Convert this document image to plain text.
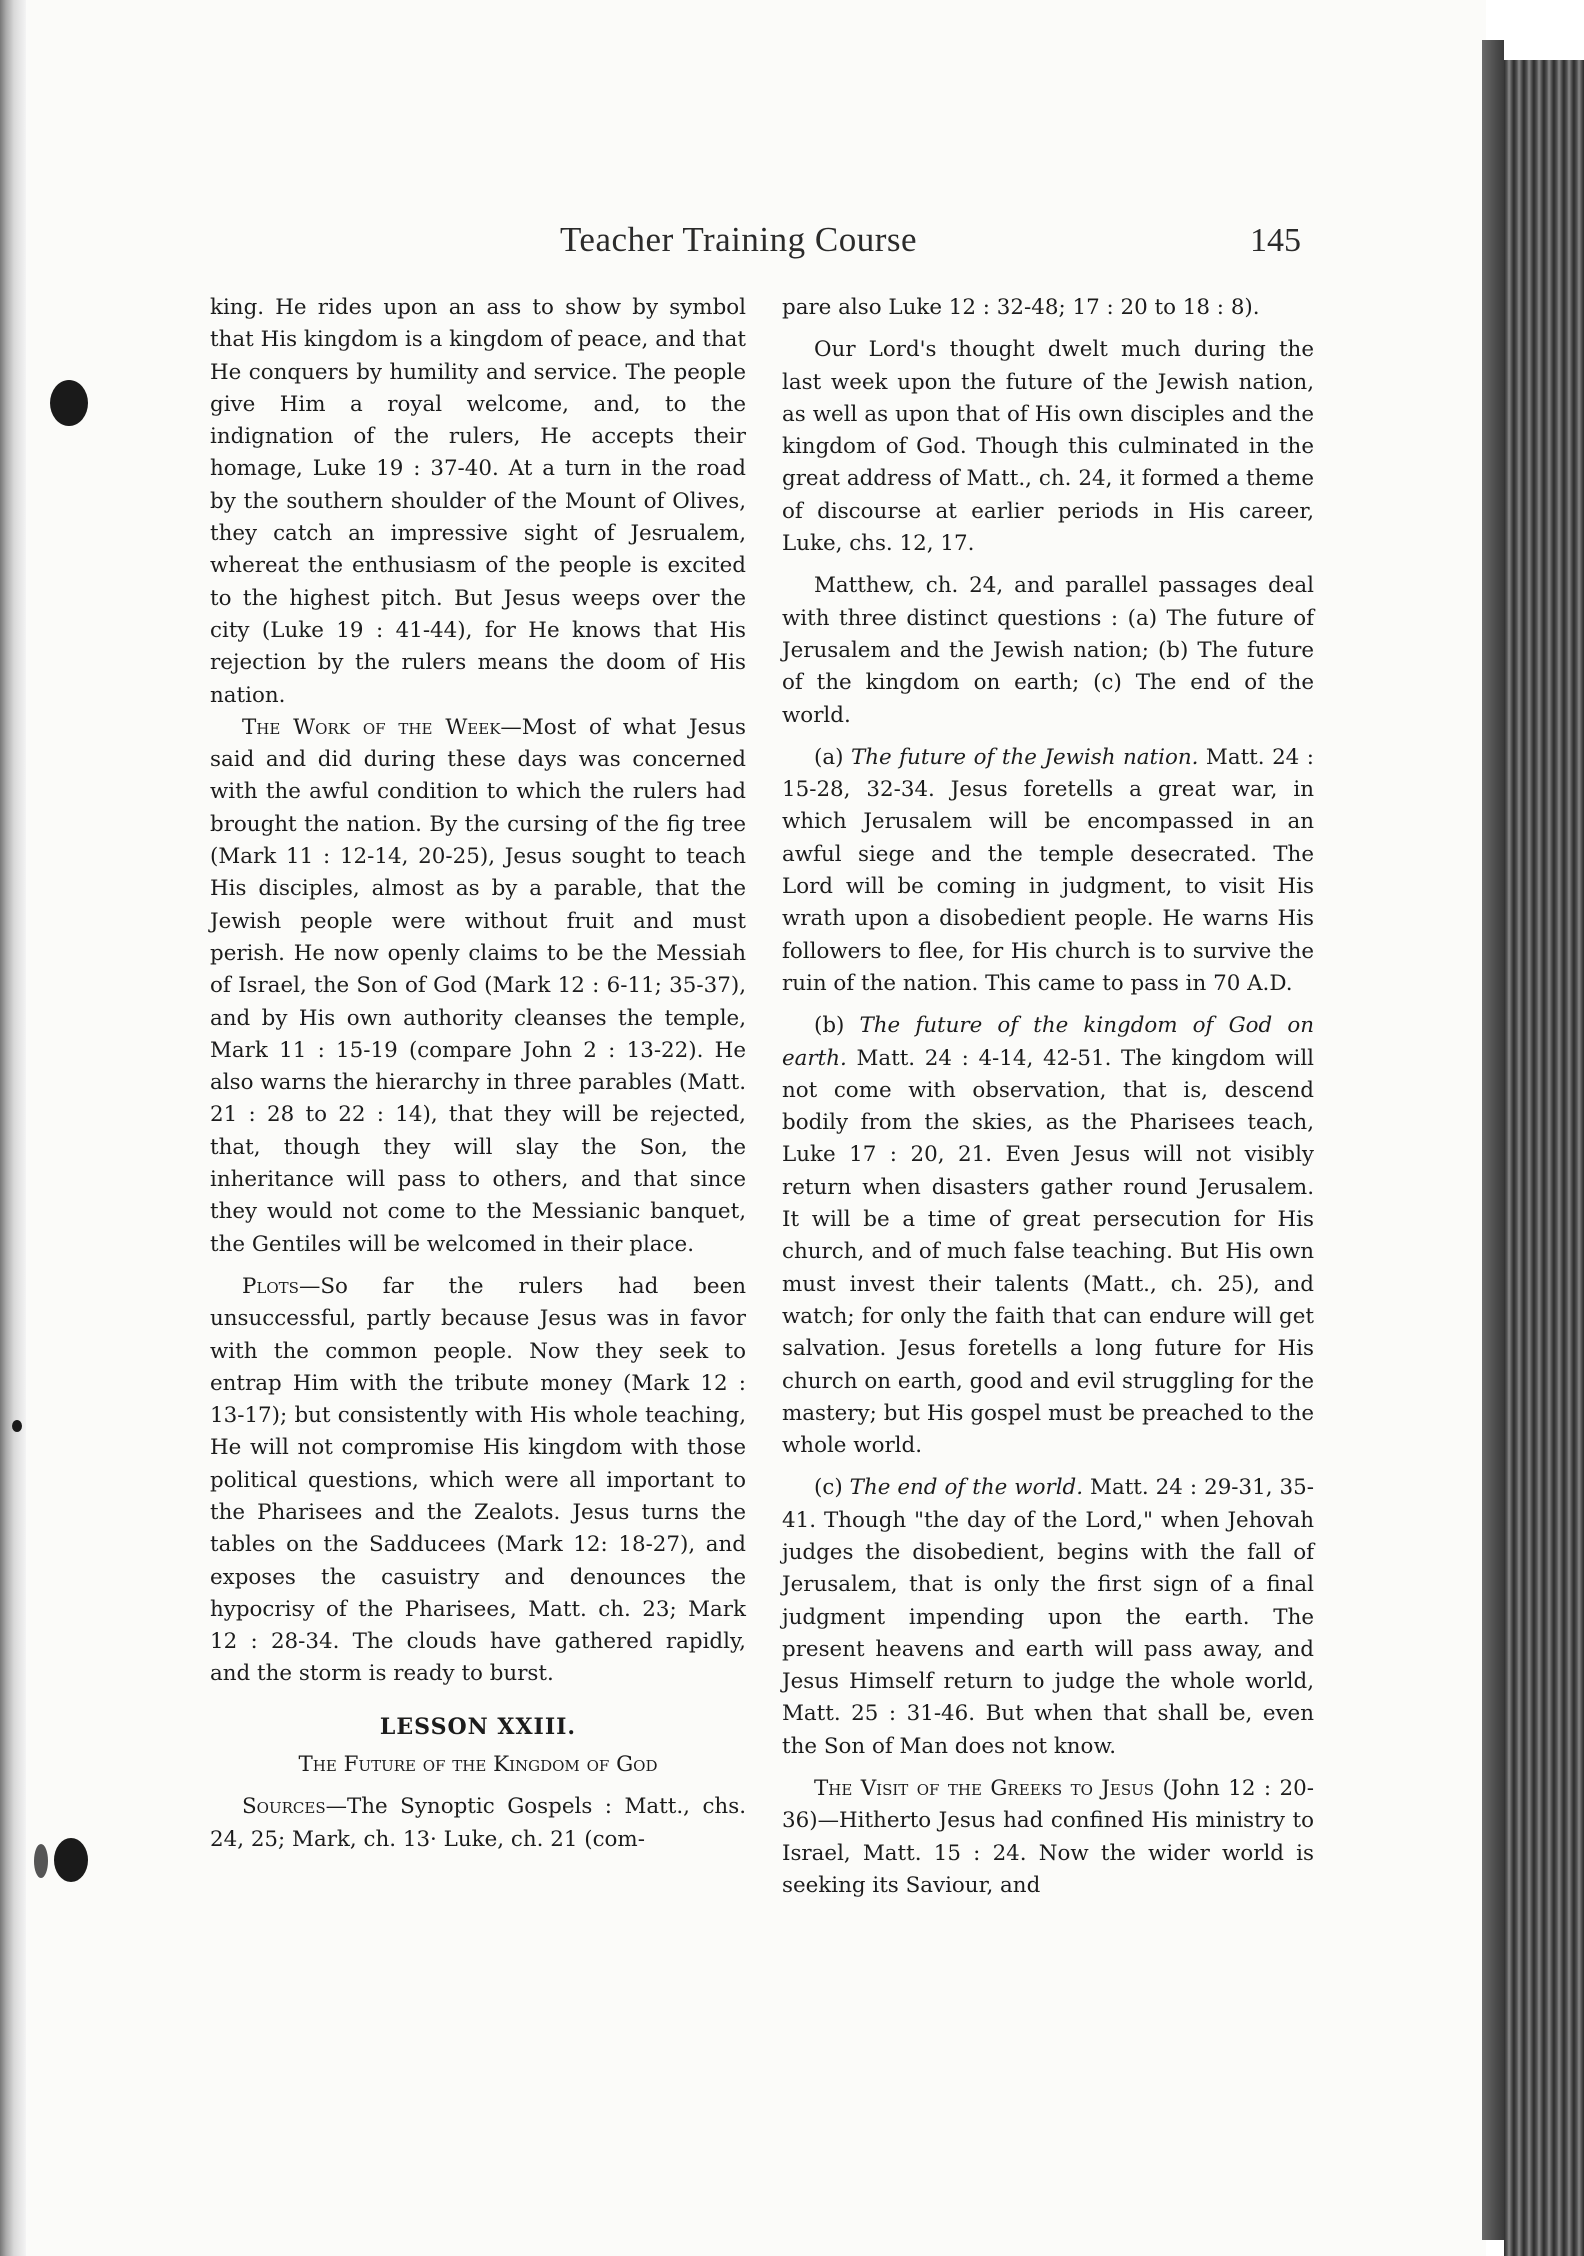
Teacher Training Course	145

king. He rides upon an ass to show by symbol that His kingdom is a kingdom of peace, and that He conquers by humility and service. The people give Him a royal welcome, and, to the indignation of the rulers, He accepts their homage, Luke 19 : 37-40. At a turn in the road by the southern shoulder of the Mount of Olives, they catch an impressive sight of Jesrualem, whereat the enthusiasm of the people is excited to the highest pitch. But Jesus weeps over the city (Luke 19 : 41-44), for He knows that His rejection by the rulers means the doom of His nation.

The Work of the Week—Most of what Jesus said and did during these days was concerned with the awful condition to which the rulers had brought the nation. By the cursing of the fig tree (Mark 11 : 12-14, 20-25), Jesus sought to teach His disciples, almost as by a parable, that the Jewish people were without fruit and must perish. He now openly claims to be the Messiah of Israel, the Son of God (Mark 12 : 6-11; 35-37), and by His own authority cleanses the temple, Mark 11 : 15-19 (compare John 2 : 13-22). He also warns the hierarchy in three parables (Matt. 21 : 28 to 22 : 14), that they will be rejected, that, though they will slay the Son, the inheritance will pass to others, and that since they would not come to the Messianic banquet, the Gentiles will be welcomed in their place.

Plots—So far the rulers had been unsuccessful, partly because Jesus was in favor with the common people. Now they seek to entrap Him with the tribute money (Mark 12 : 13-17); but consistently with His whole teaching, He will not compromise His kingdom with those political questions, which were all important to the Pharisees and the Zealots. Jesus turns the tables on the Sadducees (Mark 12: 18-27), and exposes the casuistry and denounces the hypocrisy of the Pharisees, Matt. ch. 23; Mark 12 : 28-34. The clouds have gathered rapidly, and the storm is ready to burst.

LESSON XXIII.

The Future of the Kingdom of God

Sources—The Synoptic Gospels : Matt., chs. 24, 25; Mark, ch. 13· Luke, ch. 21 (com-

pare also Luke 12 : 32-48; 17 : 20 to 18 : 8).

Our Lord's thought dwelt much during the last week upon the future of the Jewish nation, as well as upon that of His own disciples and the kingdom of God. Though this culminated in the great address of Matt., ch. 24, it formed a theme of discourse at earlier periods in His career, Luke, chs. 12, 17.

Matthew, ch. 24, and parallel passages deal with three distinct questions : (a) The future of Jerusalem and the Jewish nation; (b) The future of the kingdom on earth; (c) The end of the world.

(a) The future of the Jewish nation. Matt. 24 : 15-28, 32-34. Jesus foretells a great war, in which Jerusalem will be encompassed in an awful siege and the temple desecrated. The Lord will be coming in judgment, to visit His wrath upon a disobedient people. He warns His followers to flee, for His church is to survive the ruin of the nation. This came to pass in 70 A.D.

(b) The future of the kingdom of God on earth. Matt. 24 : 4-14, 42-51. The kingdom will not come with observation, that is, descend bodily from the skies, as the Pharisees teach, Luke 17 : 20, 21. Even Jesus will not visibly return when disasters gather round Jerusalem. It will be a time of great persecution for His church, and of much false teaching. But His own must invest their talents (Matt., ch. 25), and watch; for only the faith that can endure will get salvation. Jesus foretells a long future for His church on earth, good and evil struggling for the mastery; but His gospel must be preached to the whole world.

(c) The end of the world. Matt. 24 : 29-31, 35-41. Though "the day of the Lord," when Jehovah judges the disobedient, begins with the fall of Jerusalem, that is only the first sign of a final judgment impending upon the earth. The present heavens and earth will pass away, and Jesus Himself return to judge the whole world, Matt. 25 : 31-46. But when that shall be, even the Son of Man does not know.

The Visit of the Greeks to Jesus (John 12 : 20-36)—Hitherto Jesus had confined His ministry to Israel, Matt. 15 : 24. Now the wider world is seeking its Saviour, and
